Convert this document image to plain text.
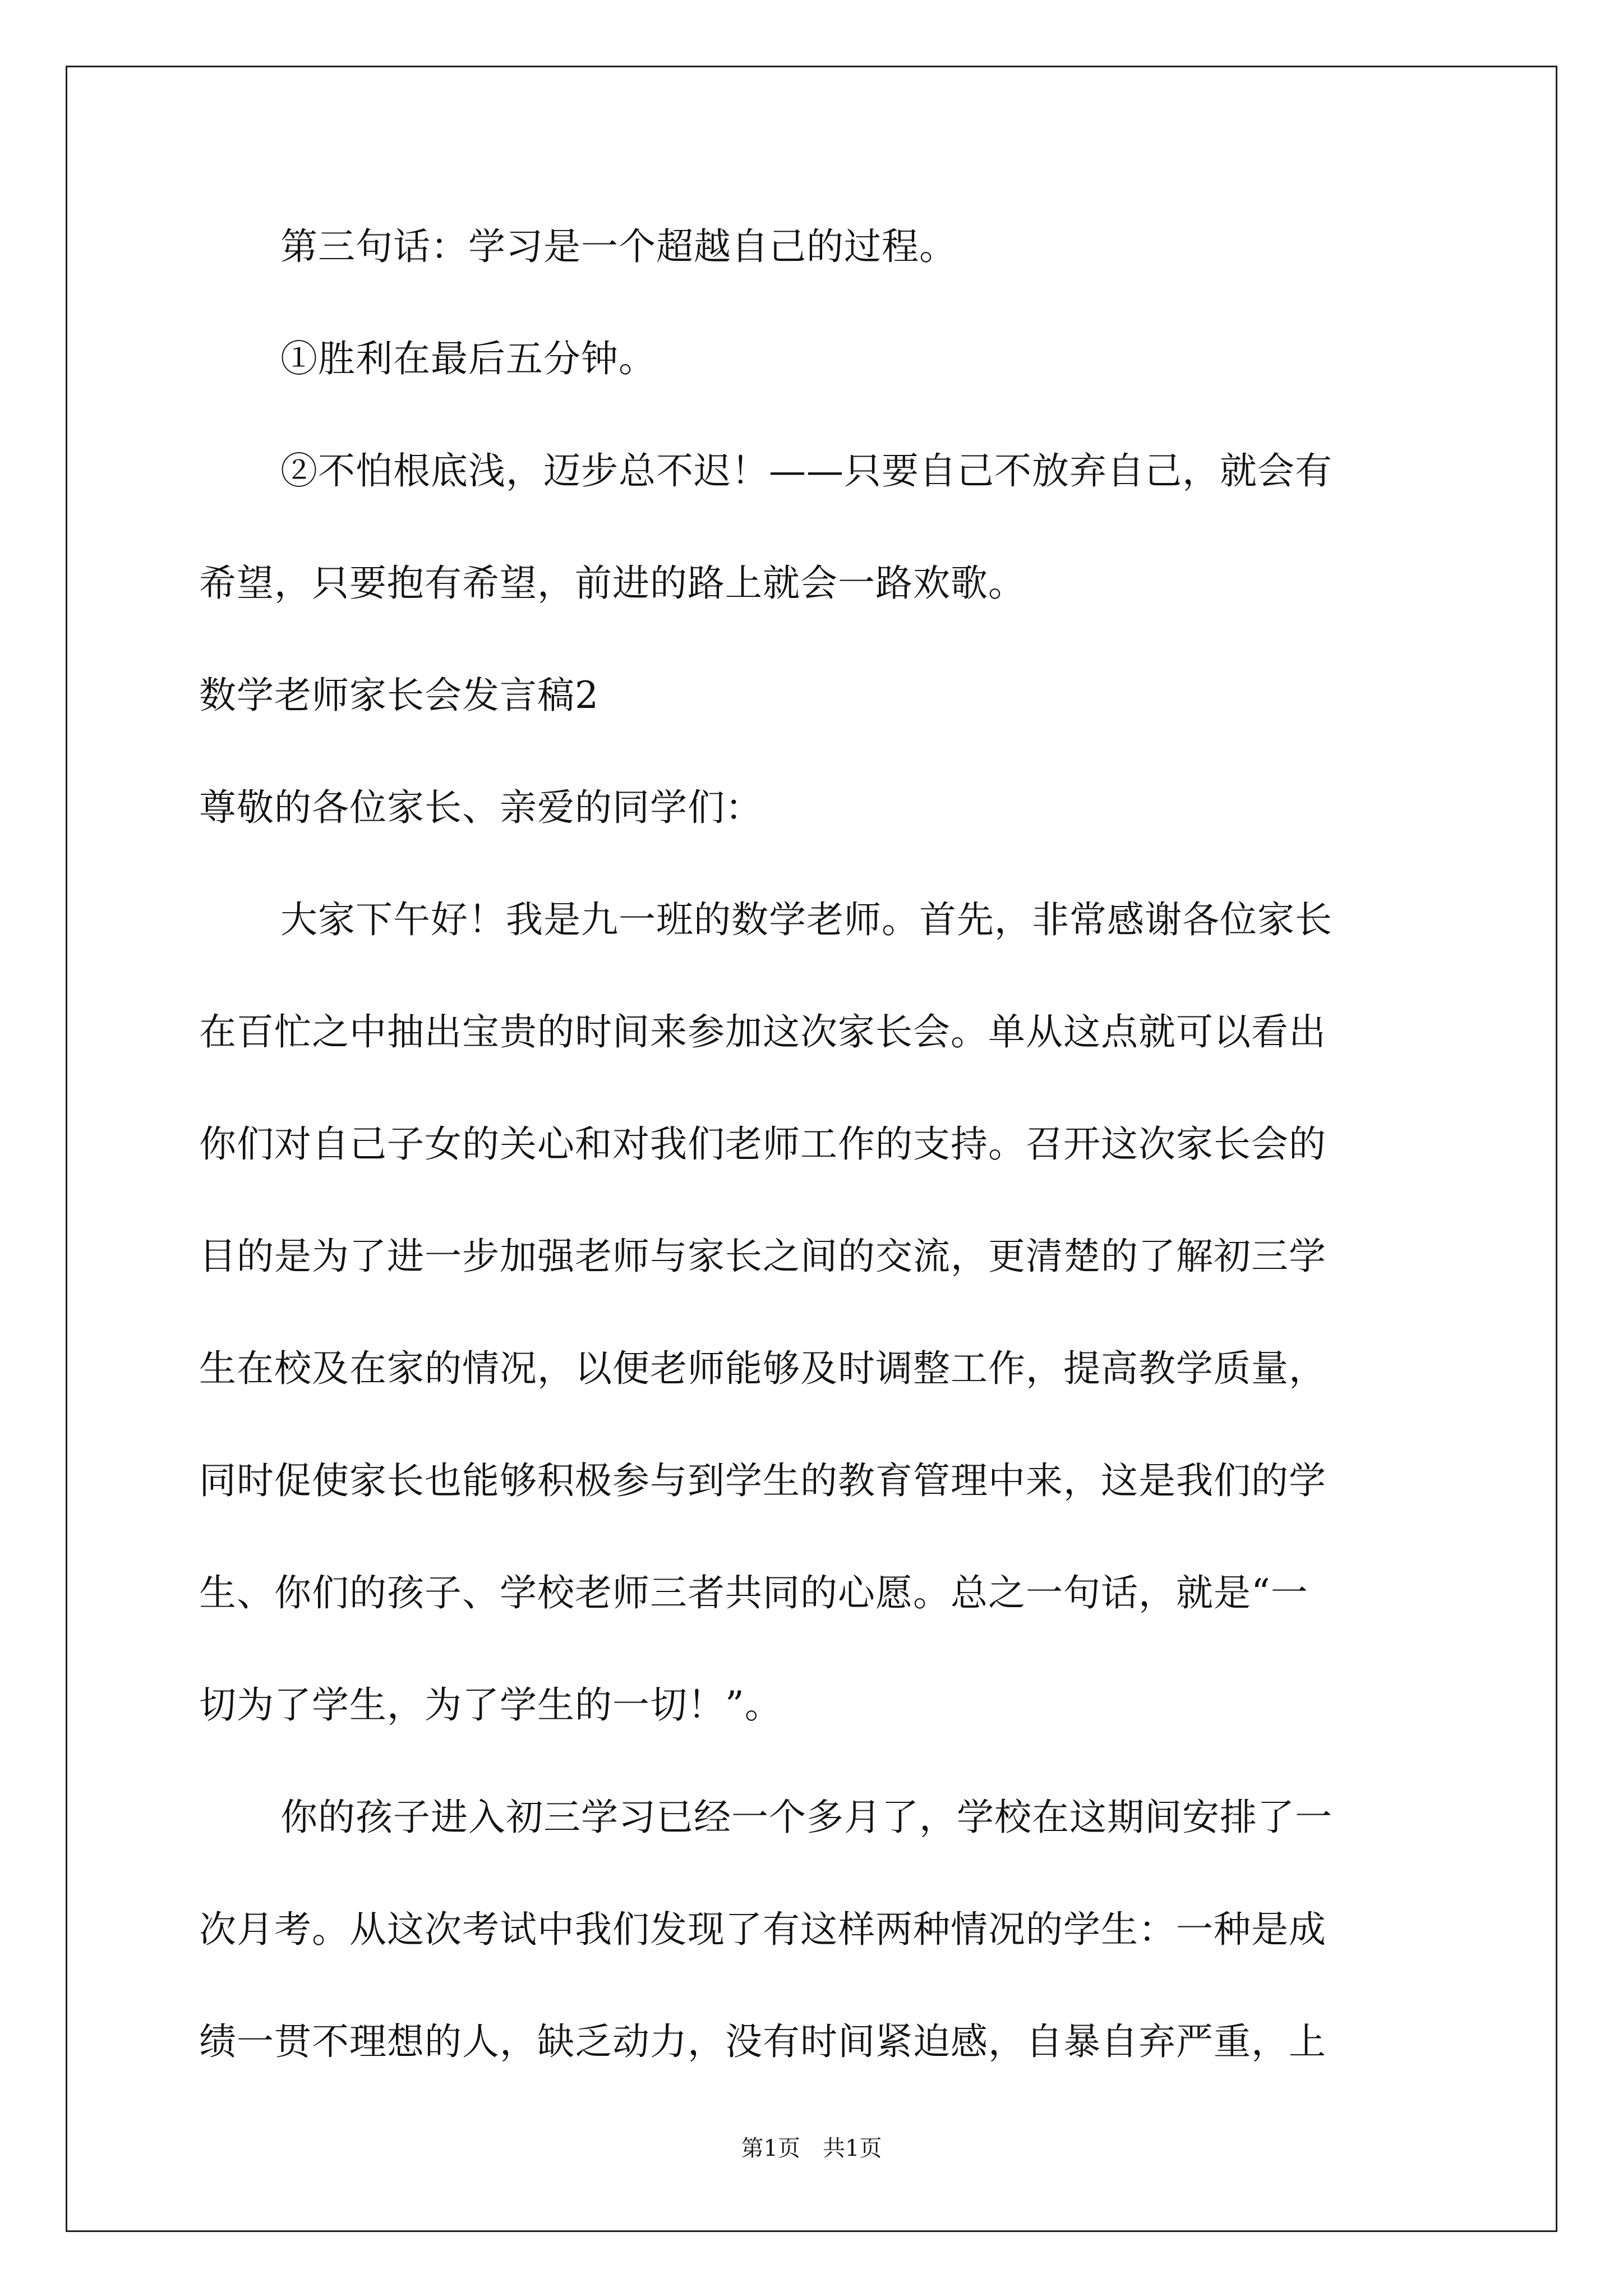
第三句话：学习是一个超越自己的过程。
①胜利在最后五分钟。
②不怕根底浅，迈步总不迟！——只要自己不放弃自己，就会有
希望，只要抱有希望，前进的路上就会一路欢歌。
数学老师家长会发言稿2
尊敬的各位家长、亲爱的同学们：
大家下午好！我是九一班的数学老师。首先，非常感谢各位家长
在百忙之中抽出宝贵的时间来参加这次家长会。单从这点就可以看出
你们对自己子女的关心和对我们老师工作的支持。召开这次家长会的
目的是为了进一步加强老师与家长之间的交流，更清楚的了解初三学
生在校及在家的情况，以便老师能够及时调整工作，提高教学质量，
同时促使家长也能够积极参与到学生的教育管理中来，这是我们的学
生、你们的孩子、学校老师三者共同的心愿。总之一句话，就是“一
切为了学生，为了学生的一切！”。
你的孩子进入初三学习已经一个多月了，学校在这期间安排了一
次月考。从这次考试中我们发现了有这样两种情况的学生：一种是成
绩一贯不理想的人，缺乏动力，没有时间紧迫感，自暴自弃严重，上
第1页　共1页
